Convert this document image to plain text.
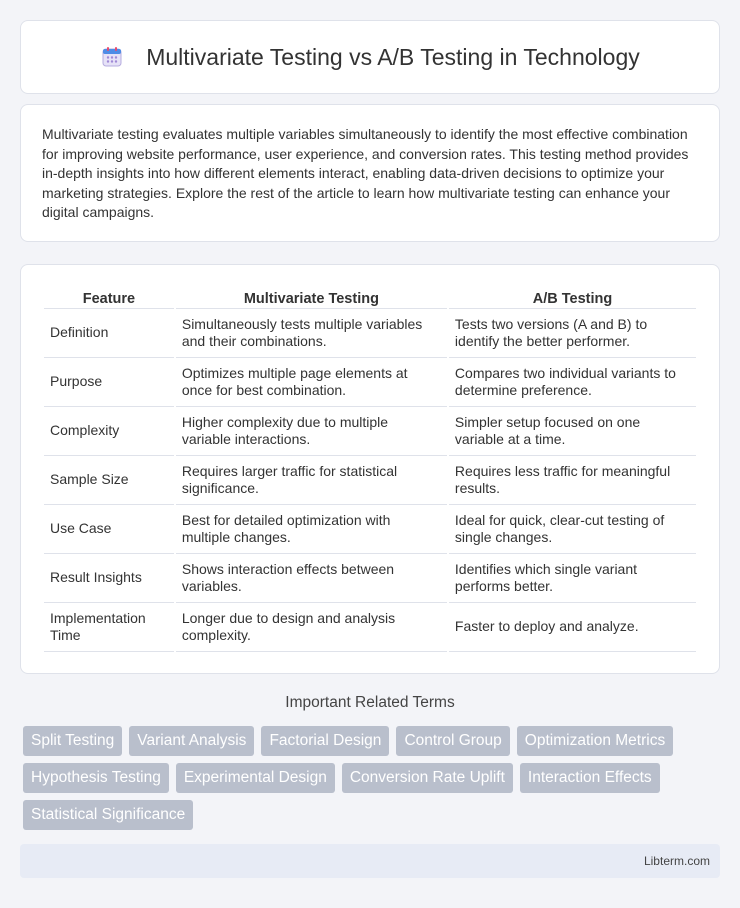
Multivariate Testing vs A/B Testing in Technology

Multivariate testing evaluates multiple variables simultaneously to identify the most effective combination for improving website performance, user experience, and conversion rates. This testing method provides in-depth insights into how different elements interact, enabling data-driven decisions to optimize your marketing strategies. Explore the rest of the article to learn how multivariate testing can enhance your digital campaigns.

Feature	Multivariate Testing	A/B Testing
Definition	Simultaneously tests multiple variables and their combinations.	Tests two versions (A and B) to identify the better performer.
Purpose	Optimizes multiple page elements at once for best combination.	Compares two individual variants to determine preference.
Complexity	Higher complexity due to multiple variable interactions.	Simpler setup focused on one variable at a time.
Sample Size	Requires larger traffic for statistical significance.	Requires less traffic for meaningful results.
Use Case	Best for detailed optimization with multiple changes.	Ideal for quick, clear-cut testing of single changes.
Result Insights	Shows interaction effects between variables.	Identifies which single variant performs better.
Implementation Time	Longer due to design and analysis complexity.	Faster to deploy and analyze.
Important Related Terms
Split Testing	Variant Analysis	Factorial Design	Control Group	Optimization Metrics
Hypothesis Testing	Experimental Design	Conversion Rate Uplift	Interaction Effects
Statistical Significance
Libterm.com
